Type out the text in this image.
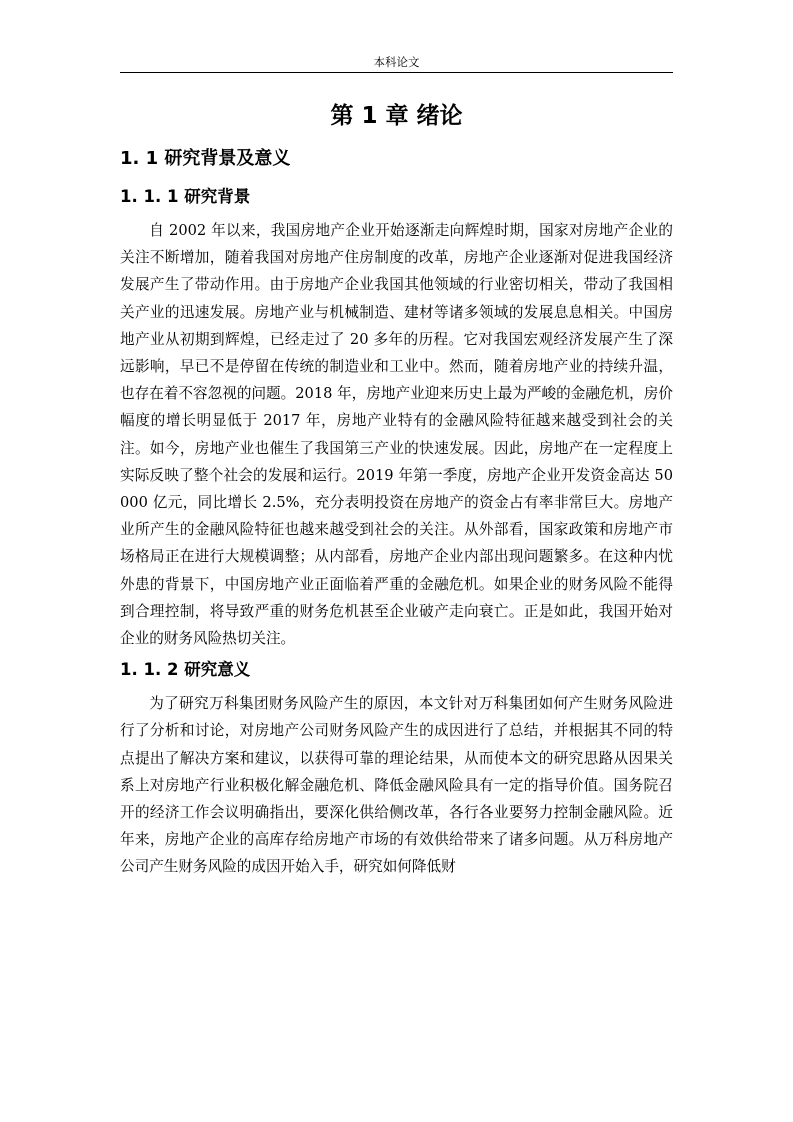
本科论文
第 1 章 绪论
1. 1 研究背景及意义
1. 1. 1 研究背景

自 2002 年以来，我国房地产企业开始逐渐走向辉煌时期，国家对房地产企业的关注不断增加，随着我国对房地产住房制度的改革，房地产企业逐渐对促进我国经济发展产生了带动作用。由于房地产企业我国其他领域的行业密切相关，带动了我国相关产业的迅速发展。房地产业与机械制造、建材等诸多领域的发展息息相关。中国房地产业从初期到辉煌，已经走过了 20 多年的历程。它对我国宏观经济发展产生了深远影响，早已不是停留在传统的制造业和工业中。然而，随着房地产业的持续升温，也存在着不容忽视的问题。2018 年，房地产业迎来历史上最为严峻的金融危机，房价幅度的增长明显低于 2017 年，房地产业特有的金融风险特征越来越受到社会的关注。如今，房地产业也催生了我国第三产业的快速发展。因此，房地产在一定程度上实际反映了整个社会的发展和运行。2019 年第一季度，房地产企业开发资金高达 50000 亿元，同比增长 2.5%，充分表明投资在房地产的资金占有率非常巨大。房地产业所产生的金融风险特征也越来越受到社会的关注。从外部看，国家政策和房地产市场格局正在进行大规模调整；从内部看，房地产企业内部出现问题繁多。在这种内忧外患的背景下，中国房地产业正面临着严重的金融危机。如果企业的财务风险不能得到合理控制，将导致严重的财务危机甚至企业破产走向衰亡。正是如此，我国开始对企业的财务风险热切关注。

1. 1. 2 研究意义

为了研究万科集团财务风险产生的原因，本文针对万科集团如何产生财务风险进行了分析和讨论，对房地产公司财务风险产生的成因进行了总结，并根据其不同的特点提出了解决方案和建议，以获得可靠的理论结果，从而使本文的研究思路从因果关系上对房地产行业积极化解金融危机、降低金融风险具有一定的指导价值。国务院召开的经济工作会议明确指出，要深化供给侧改革，各行各业要努力控制金融风险。近年来，房地产企业的高库存给房地产市场的有效供给带来了诸多问题。从万科房地产公司产生财务风险的成因开始入手，研究如何降低财
